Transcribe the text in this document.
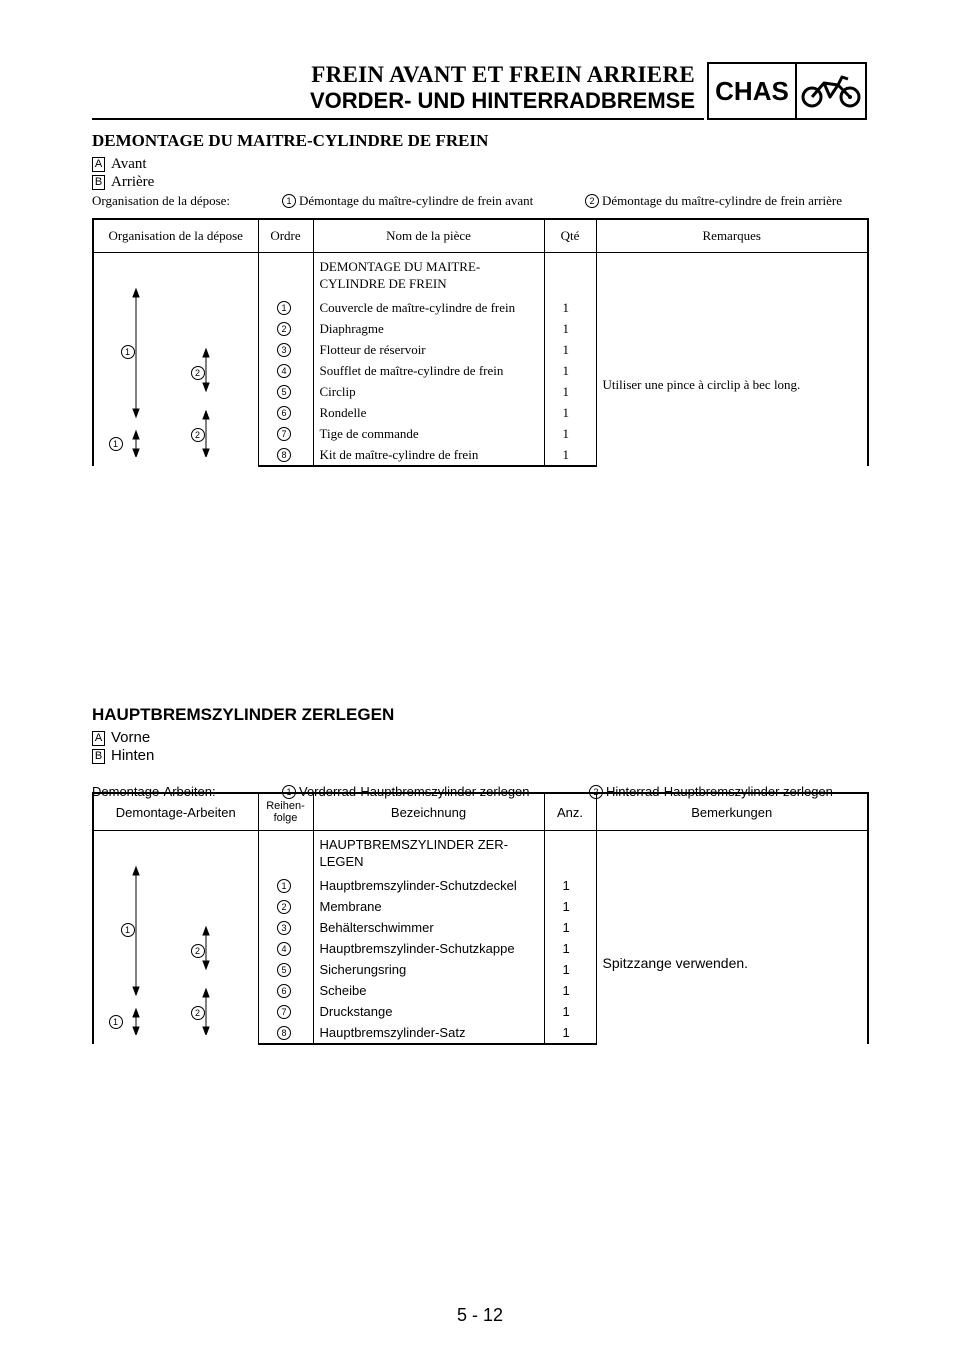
FREIN AVANT ET FREIN ARRIERE
VORDER- UND HINTERRADBREMSE CHAS
DEMONTAGE DU MAITRE-CYLINDRE DE FREIN
A Avant
B Arrière
Organisation de la dépose:	1 Démontage du maître-cylindre de frein avant	2 Démontage du maître-cylindre de frein arrière
Organisation de la dépose	Ordre	Nom de la pièce	Qté	Remarques

1
2
2
1		DEMONTAGE DU MAITRE-CYLINDRE DE FREIN		Utiliser une pince à circlip à bec long.
	1	Couvercle de maître-cylindre de frein	1	
	2	Diaphragme	1	
	3	Flotteur de réservoir	1	
	4	Soufflet de maître-cylindre de frein	1	
	5	Circlip	1	
	6	Rondelle	1	
	7	Tige de commande	1	
	8	Kit de maître-cylindre de frein	1	
HAUPTBREMSZYLINDER ZERLEGEN
A Vorne
B Hinten
Demontage-Arbeiten:	1 Vorderrad-Hauptbremszylinder zerlegen	2 Hinterrad-Hauptbremszylinder zerlegen
Demontage-Arbeiten	Reihen-folge	Bezeichnung	Anz.	Bemerkungen

1
2
2
1		HAUPTBREMSZYLINDER ZER-LEGEN		Spitzzange verwenden.
	1	Hauptbremszylinder-Schutzdeckel	1	
	2	Membrane	1	
	3	Behälterschwimmer	1	
	4	Hauptbremszylinder-Schutzkappe	1	
	5	Sicherungsring	1	
	6	Scheibe	1	
	7	Druckstange	1	
	8	Hauptbremszylinder-Satz	1	
5 - 12
